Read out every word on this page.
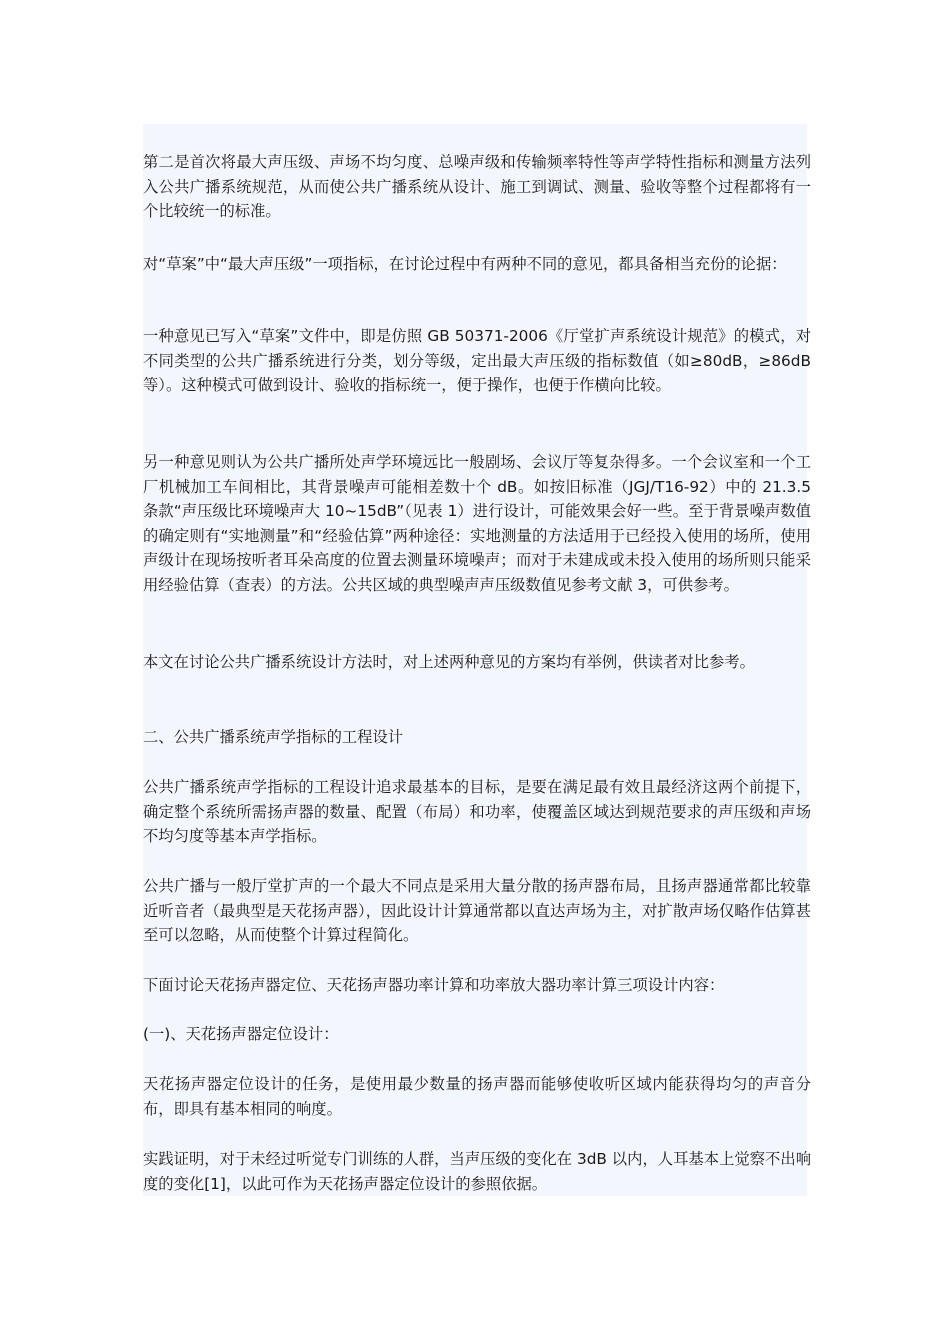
第二是首次将最大声压级、声场不均匀度、总噪声级和传输频率特性等声学特性指标和测量方法列入公共广播系统规范，从而使公共广播系统从设计、施工到调试、测量、验收等整个过程都将有一个比较统一的标准。

对“草案”中“最大声压级”一项指标，在讨论过程中有两种不同的意见，都具备相当充份的论据：

一种意见已写入“草案”文件中，即是仿照 GB 50371-2006《厅堂扩声系统设计规范》的模式，对不同类型的公共广播系统进行分类，划分等级，定出最大声压级的指标数值（如≥80dB，≥86dB 等）。这种模式可做到设计、验收的指标统一，便于操作，也便于作横向比较。

另一种意见则认为公共广播所处声学环境远比一般剧场、会议厅等复杂得多。一个会议室和一个工厂机械加工车间相比，其背景噪声可能相差数十个 dB。如按旧标准（JGJ/T16-92）中的 21.3.5 条款“声压级比环境噪声大 10~15dB”（见表 1）进行设计，可能效果会好一些。至于背景噪声数值的确定则有“实地测量”和“经验估算”两种途径：实地测量的方法适用于已经投入使用的场所，使用声级计在现场按听者耳朵高度的位置去测量环境噪声；而对于未建成或未投入使用的场所则只能采用经验估算（查表）的方法。公共区域的典型噪声声压级数值见参考文献 3，可供参考。

本文在讨论公共广播系统设计方法时，对上述两种意见的方案均有举例，供读者对比参考。

二、公共广播系统声学指标的工程设计

公共广播系统声学指标的工程设计追求最基本的目标，是要在满足最有效且最经济这两个前提下，确定整个系统所需扬声器的数量、配置（布局）和功率，使覆盖区域达到规范要求的声压级和声场不均匀度等基本声学指标。

公共广播与一般厅堂扩声的一个最大不同点是采用大量分散的扬声器布局，且扬声器通常都比较靠近听音者（最典型是天花扬声器），因此设计计算通常都以直达声场为主，对扩散声场仅略作估算甚至可以忽略，从而使整个计算过程简化。

下面讨论天花扬声器定位、天花扬声器功率计算和功率放大器功率计算三项设计内容：

(一)、天花扬声器定位设计：

天花扬声器定位设计的任务，是使用最少数量的扬声器而能够使收听区域内能获得均匀的声音分布，即具有基本相同的响度。

实践证明，对于未经过听觉专门训练的人群，当声压级的变化在 3dB 以内，人耳基本上觉察不出响度的变化[1]，以此可作为天花扬声器定位设计的参照依据。
